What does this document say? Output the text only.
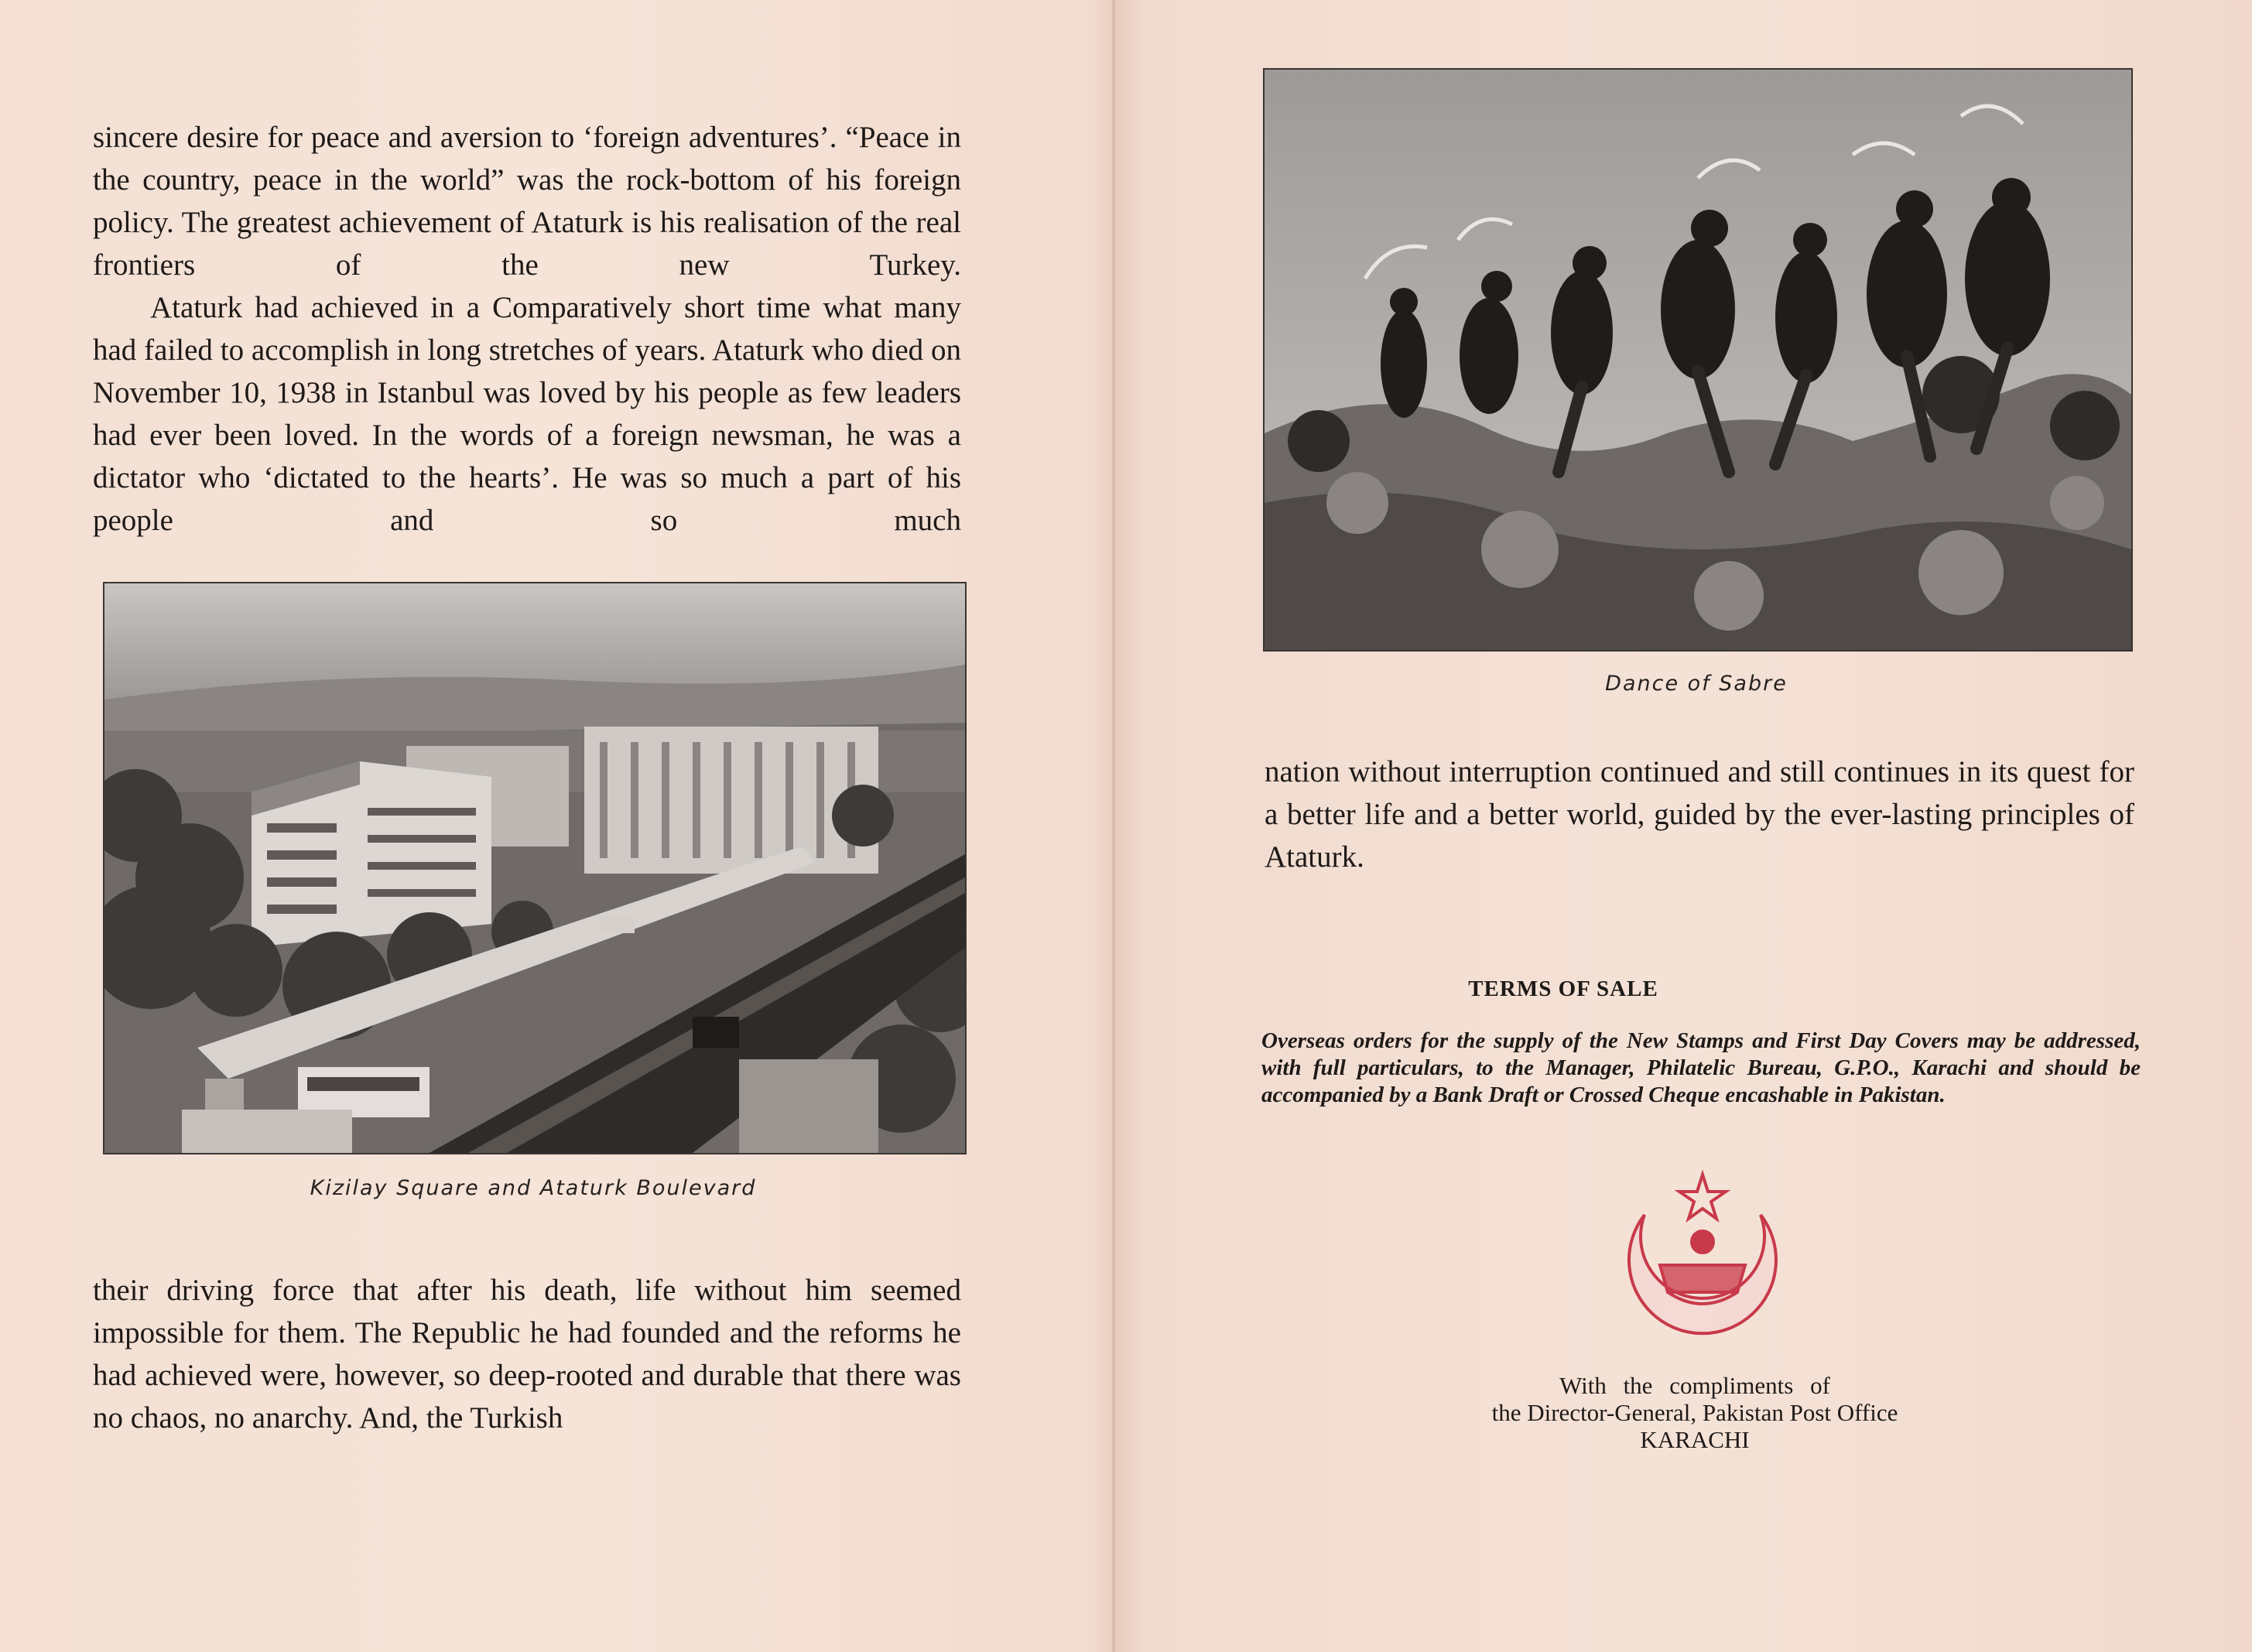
sincere desire for peace and aversion to ‘foreign adventures’. “Peace in the country, peace in the world” was the rock-bottom of his foreign policy. The greatest achievement of Ataturk is his realisation of the real frontiers of the new Turkey.
Ataturk had achieved in a Comparatively short time what many had failed to accomplish in long stretches of years. Ataturk who died on November 10, 1938 in Istanbul was loved by his people as few leaders had ever been loved. In the words of a foreign newsman, he was a dictator who ‘dictated to the hearts’. He was so much a part of his people and so much
Kizilay Square and Ataturk Boulevard
their driving force that after his death, life without him seemed impossible for them. The Republic he had founded and the reforms he had achieved were, however, so deep-rooted and durable that there was no chaos, no anarchy. And, the Turkish
Dance of Sabre
nation without interruption continued and still continues in its quest for a better life and a better world, guided by the ever-lasting principles of Ataturk.
TERMS OF SALE
Overseas orders for the supply of the New Stamps and First Day Covers may be addressed, with full particulars, to the Manager, Philatelic Bureau, G.P.O., Karachi and should be accompanied by a Bank Draft or Crossed Cheque encashable in Pakistan.
With the compliments of
the Director-General, Pakistan Post Office
KARACHI
